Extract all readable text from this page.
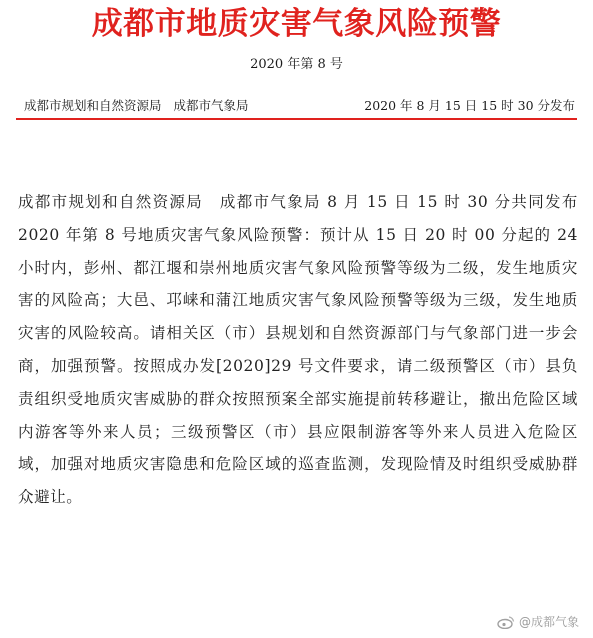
成都市地质灾害气象风险预警
2020 年第 8 号
成都市规划和自然资源局 成都市气象局	2020 年 8 月 15 日 15 时 30 分发布
成都市规划和自然资源局　成都市气象局 8 月 15 日 15 时 30 分共同发布 2020 年第 8 号地质灾害气象风险预警：预计从 15 日 20 时 00 分起的 24 小时内，彭州、都江堰和崇州地质灾害气象风险预警等级为二级，发生地质灾害的风险高；大邑、邛崃和蒲江地质灾害气象风险预警等级为三级，发生地质灾害的风险较高。请相关区（市）县规划和自然资源部门与气象部门进一步会商，加强预警。按照成办发[2020]29 号文件要求，请二级预警区（市）县负责组织受地质灾害威胁的群众按照预案全部实施提前转移避让，撤出危险区域内游客等外来人员；三级预警区（市）县应限制游客等外来人员进入危险区域，加强对地质灾害隐患和危险区域的巡查监测，发现险情及时组织受威胁群众避让。
@成都气象
